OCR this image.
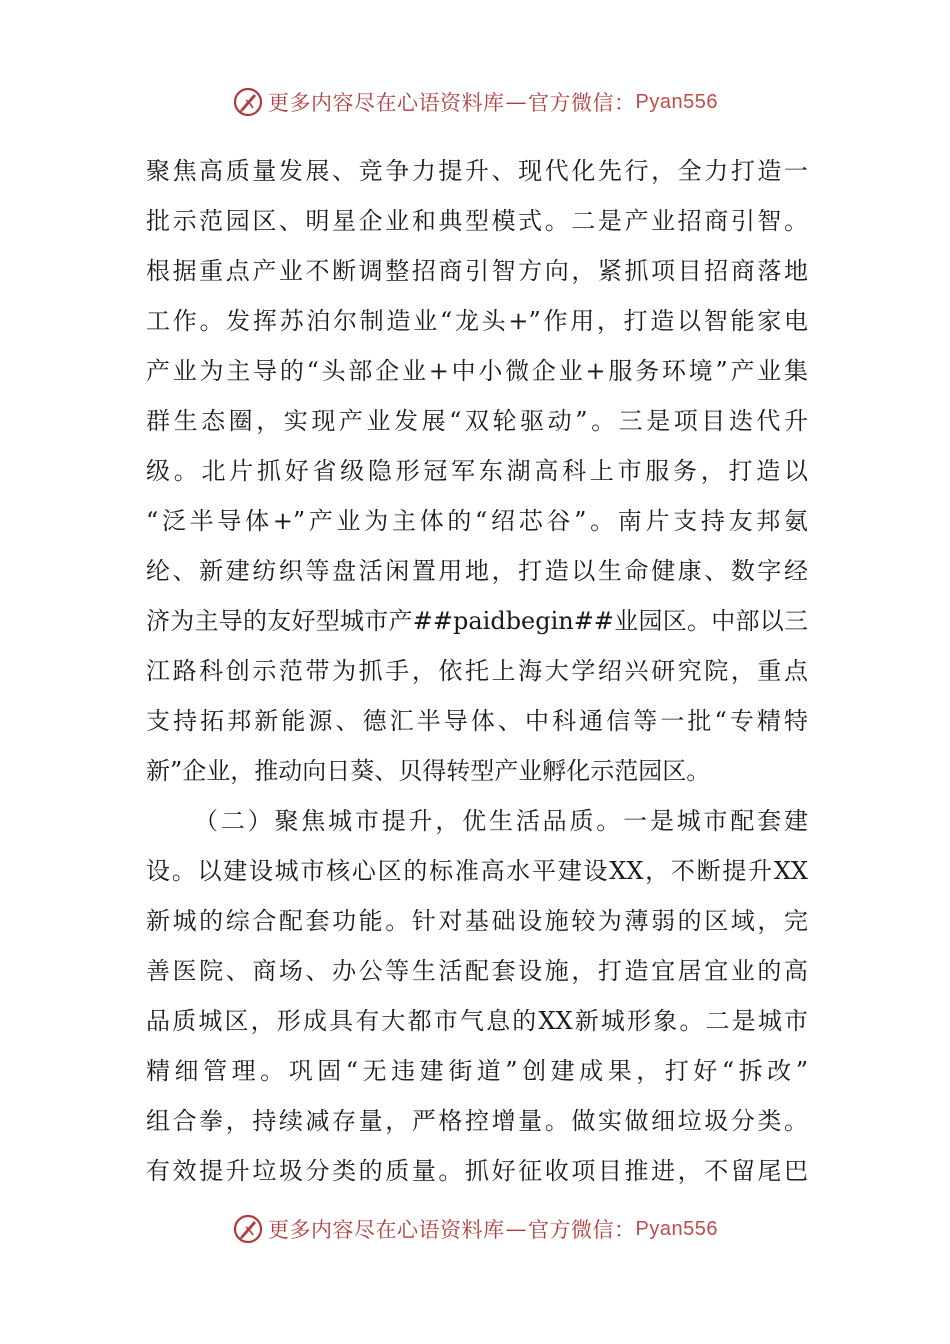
更多内容尽在心语资料库 — 官方微信： Pyan556
聚焦高质量发展、竞争力提升、现代化先行，全力打造一
批示范园区、明星企业和典型模式。二是产业招商引智。
根据重点产业不断调整招商引智方向，紧抓项目招商落地
工作。发挥苏泊尔制造业“龙头+”作用，打造以智能家电
产业为主导的“头部企业+中小微企业+服务环境”产业集
群生态圈，实现产业发展“双轮驱动”。三是项目迭代升
级。北片抓好省级隐形冠军东湖高科上市服务，打造以
“泛半导体+”产业为主体的“绍芯谷”。南片支持友邦氨
纶、新建纺织等盘活闲置用地，打造以生命健康、数字经
济为主导的友好型城市产##paidbegin##业园区。中部以三
江路科创示范带为抓手，依托上海大学绍兴研究院，重点
支持拓邦新能源、德汇半导体、中科通信等一批“专精特
新”企业，推动向日葵、贝得转型产业孵化示范园区。
（二）聚焦城市提升，优生活品质。一是城市配套建
设。以建设城市核心区的标准高水平建设XX，不断提升XX
新城的综合配套功能。针对基础设施较为薄弱的区域，完
善医院、商场、办公等生活配套设施，打造宜居宜业的高
品质城区，形成具有大都市气息的XX新城形象。二是城市
精细管理。巩固“无违建街道”创建成果，打好“拆改”
组合拳，持续减存量，严格控增量。做实做细垃圾分类。
有效提升垃圾分类的质量。抓好征收项目推进，不留尾巴
更多内容尽在心语资料库 — 官方微信： Pyan556
